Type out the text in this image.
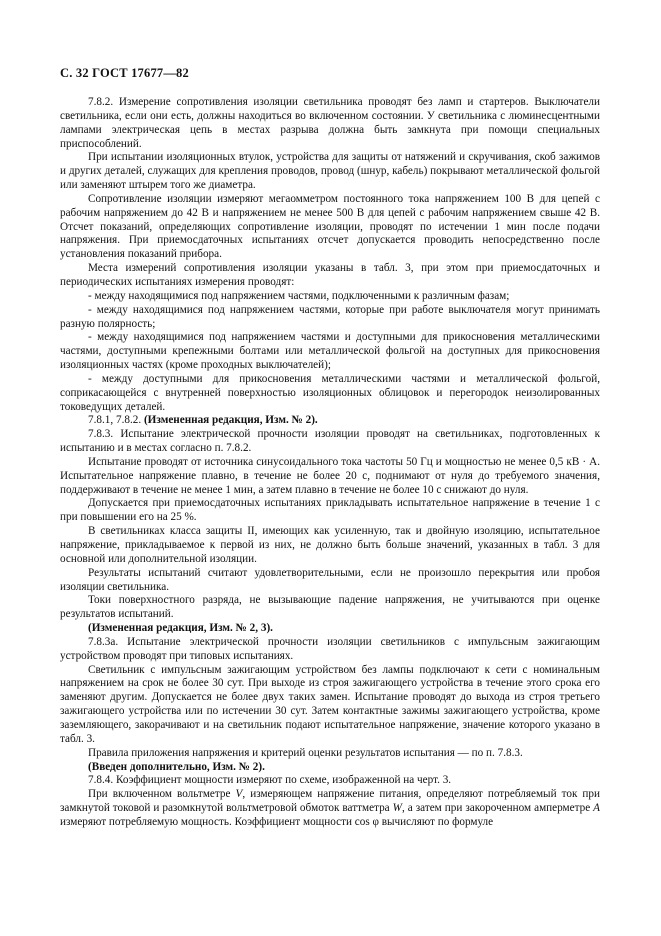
С. 32 ГОСТ 17677—82

7.8.2. Измерение сопротивления изоляции светильника проводят без ламп и стартеров. Выключатели светильника, если они есть, должны находиться во включенном состоянии. У светильника с люминесцентными лампами электрическая цепь в местах разрыва должна быть замкнута при помощи специальных приспособлений.

При испытании изоляционных втулок, устройства для защиты от натяжений и скручивания, скоб зажимов и других деталей, служащих для крепления проводов, провод (шнур, кабель) покрывают металлической фольгой или заменяют штырем того же диаметра.

Сопротивление изоляции измеряют мегаомметром постоянного тока напряжением 100 В для цепей с рабочим напряжением до 42 В и напряжением не менее 500 В для цепей с рабочим напряжением свыше 42 В. Отсчет показаний, определяющих сопротивление изоляции, проводят по истечении 1 мин после подачи напряжения. При приемосдаточных испытаниях отсчет допускается проводить непосредственно после установления показаний прибора.

Места измерений сопротивления изоляции указаны в табл. 3, при этом при приемосдаточных и периодических испытаниях измерения проводят:

- между находящимися под напряжением частями, подключенными к различным фазам;

- между находящимися под напряжением частями, которые при работе выключателя могут принимать разную полярность;

- между находящимися под напряжением частями и доступными для прикосновения металлическими частями, доступными крепежными болтами или металлической фольгой на доступных для прикосновения изоляционных частях (кроме проходных выключателей);

- между доступными для прикосновения металлическими частями и металлической фольгой, соприкасающейся с внутренней поверхностью изоляционных облицовок и перегородок неизолированных токоведущих деталей.

7.8.1, 7.8.2. (Измененная редакция, Изм. № 2).

7.8.3. Испытание электрической прочности изоляции проводят на светильниках, подготовленных к испытанию и в местах согласно п. 7.8.2.

Испытание проводят от источника синусоидального тока частоты 50 Гц и мощностью не менее 0,5 кВ · А. Испытательное напряжение плавно, в течение не более 20 с, поднимают от нуля до требуемого значения, поддерживают в течение не менее 1 мин, а затем плавно в течение не более 10 с снижают до нуля.

Допускается при приемосдаточных испытаниях прикладывать испытательное напряжение в течение 1 с при повышении его на 25 %.

В светильниках класса защиты II, имеющих как усиленную, так и двойную изоляцию, испытательное напряжение, прикладываемое к первой из них, не должно быть больше значений, указанных в табл. 3 для основной или дополнительной изоляции.

Результаты испытаний считают удовлетворительными, если не произошло перекрытия или пробоя изоляции светильника.

Токи поверхностного разряда, не вызывающие падение напряжения, не учитываются при оценке результатов испытаний.

(Измененная редакция, Изм. № 2, 3).

7.8.3а. Испытание электрической прочности изоляции светильников с импульсным зажигающим устройством проводят при типовых испытаниях.

Светильник с импульсным зажигающим устройством без лампы подключают к сети с номинальным напряжением на срок не более 30 сут. При выходе из строя зажигающего устройства в течение этого срока его заменяют другим. Допускается не более двух таких замен. Испытание проводят до выхода из строя третьего зажигающего устройства или по истечении 30 сут. Затем контактные зажимы зажигающего устройства, кроме заземляющего, закорачивают и на светильник подают испытательное напряжение, значение которого указано в табл. 3.

Правила приложения напряжения и критерий оценки результатов испытания — по п. 7.8.3.

(Введен дополнительно, Изм. № 2).

7.8.4. Коэффициент мощности измеряют по схеме, изображенной на черт. 3.

При включенном вольтметре V, измеряющем напряжение питания, определяют потребляемый ток при замкнутой токовой и разомкнутой вольтметровой обмоток ваттметра W, а затем при закороченном амперметре A измеряют потребляемую мощность. Коэффициент мощности cos φ вычисляют по формуле
